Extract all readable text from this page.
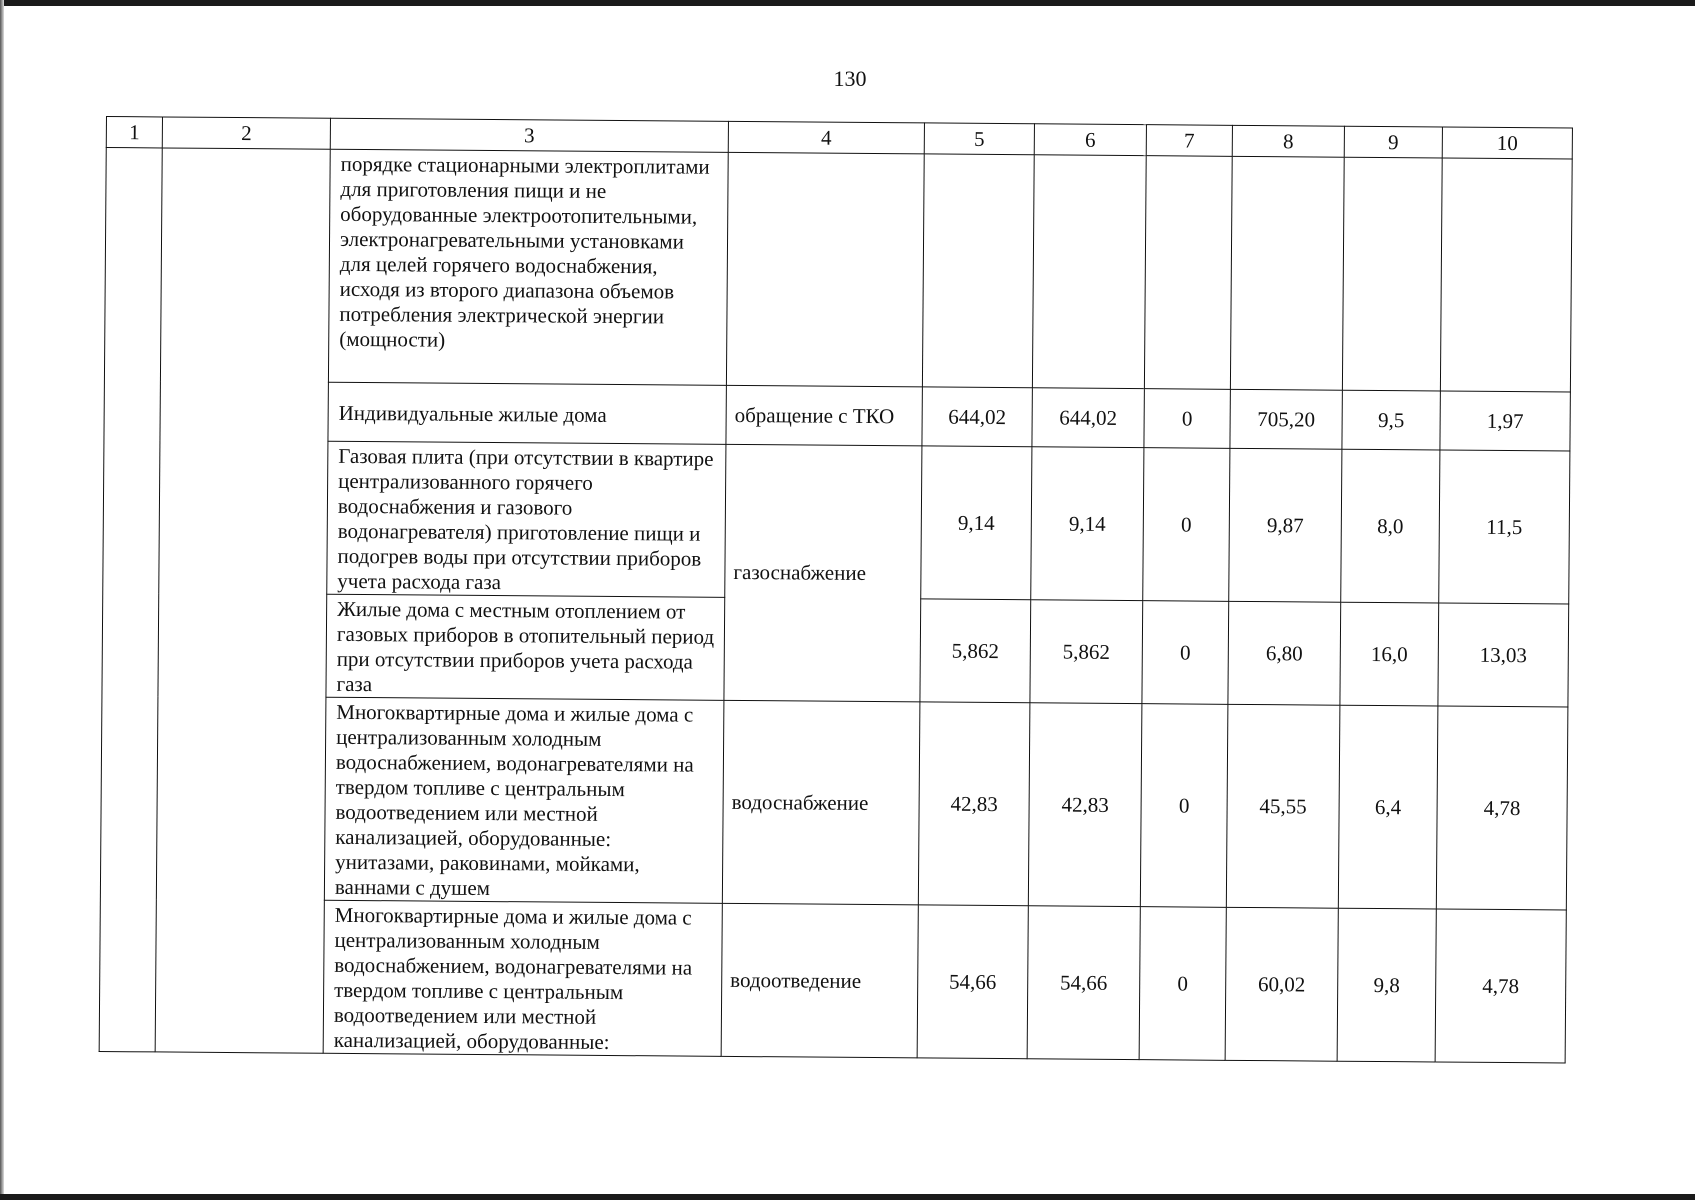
130
1	2	3	4	5	6	7	8	9	10
		порядке стационарными электроплитами для приготовления пищи и не оборудованные электроотопительными, электронагревательными установками для целей горячего водоснабжения, исходя из второго диапазона объемов потребления электрической энергии (мощности)							
		Индивидуальные жилые дома	обращение с ТКО	644,02	644,02	0	705,20	9,5	1,97
		Газовая плита (при отсутствии в квартире централизованного горячего водоснабжения и газового водонагревателя) приготовление пищи и подогрев воды при отсутствии приборов учета расхода газа	газоснабжение	9,14	9,14	0	9,87	8,0	11,5
		Жилые дома с местным отоплением от газовых приборов в отопительный период при отсутствии приборов учета расхода газа		5,862	5,862	0	6,80	16,0	13,03
		Многоквартирные дома и жилые дома с централизованным холодным водоснабжением, водонагревателями на твердом топливе с центральным водоотведением или местной канализацией, оборудованные: унитазами, раковинами, мойками, ваннами с душем	водоснабжение	42,83	42,83	0	45,55	6,4	4,78
		Многоквартирные дома и жилые дома с централизованным холодным водоснабжением, водонагревателями на твердом топливе с центральным водоотведением или местной канализацией, оборудованные:	водоотведение	54,66	54,66	0	60,02	9,8	4,78
